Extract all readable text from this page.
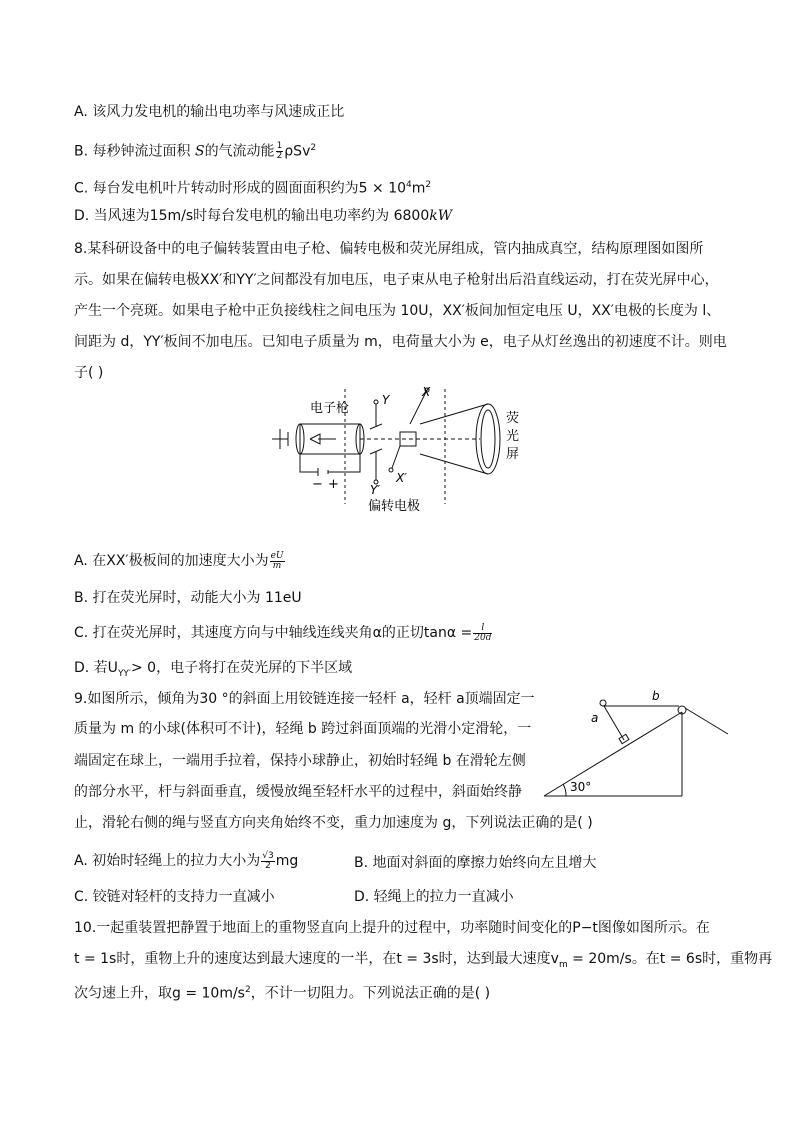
A. 该风力发电机的输出电功率与风速成正比
B. 每秒钟流过面积 S的气流动能 $\frac{1}{2} \rho Sv^2$
C. 每台发电机叶片转动时形成的圆面面积约为$5 \times 10^4m^2$
D. 当风速为15m/s时每台发电机的输出电功率约为 6800kW
8.某科研设备中的电子偏转装置由电子枪、偏转电极和荧光屏组成，管内抽成真空，结构原理图如图所
示。如果在偏转电极XX′和YY′之间都没有加电压，电子束从电子枪射出后沿直线运动，打在荧光屏中心，
产生一个亮斑。如果电子枪中正负接线柱之间电压为 10U，XX′板间加恒定电压 U，XX′电极的长度为 l、
间距为 d，YY′板间不加电压。已知电子质量为 m，电荷量大小为 e，电子从灯丝逸出的初速度不计。则电
子( )
电子枪
Y
X
X′
Y′
− +
荧
光
屏
偏转电极
A. 在XX′极板间的加速度大小为 $\frac{eU}{m}$
B. 打在荧光屏时，动能大小为 11eU
C. 打在荧光屏时，其速度方向与中轴线连线夹角α的正切$\tan\alpha = \frac{l}{20d}$
D. 若$U_{YY'}> 0$，电子将打在荧光屏的下半区域
9.如图所示，倾角为30 °的斜面上用铰链连接一轻杆 a，轻杆 a顶端固定一
质量为 m 的小球(体积可不计)，轻绳 b 跨过斜面顶端的光滑小定滑轮，一
端固定在球上，一端用手拉着，保持小球静止，初始时轻绳 b 在滑轮左侧
的部分水平，杆与斜面垂直，缓慢放绳至轻杆水平的过程中，斜面始终静
止，滑轮右侧的绳与竖直方向夹角始终不变，重力加速度为 g，下列说法正确的是( )
a
b
30°
A. 初始时轻绳上的拉力大小为 $\frac{√3}{2}$ mg	B. 地面对斜面的摩擦力始终向左且增大
C. 铰链对轻杆的支持力一直减小	D. 轻绳上的拉力一直减小
10.一起重装置把静置于地面上的重物竖直向上提升的过程中，功率随时间变化的P−t图像如图所示。在
t = 1s时，重物上升的速度达到最大速度的一半，在t = 3s时，达到最大速度$v_m = 20m/s$。在t = 6s时，重物再
次匀速上升，取$g = 10m/s^2$，不计一切阻力。下列说法正确的是( )
